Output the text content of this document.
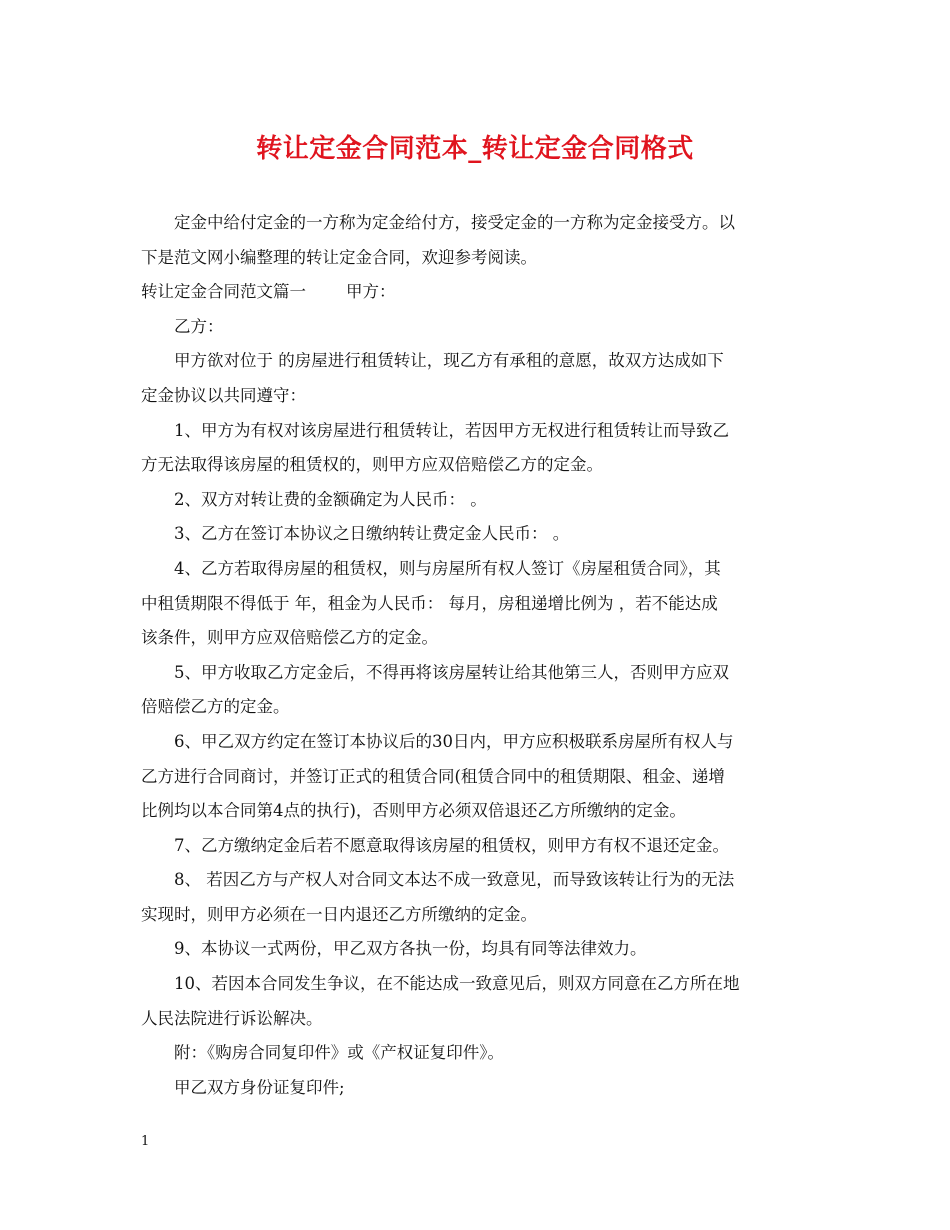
转让定金合同范本_转让定金合同格式
定金中给付定金的一方称为定金给付方，接受定金的一方称为定金接受方。以
下是范文网小编整理的转让定金合同，欢迎参考阅读。
转让定金合同范文篇一 甲方：
乙方：
甲方欲对位于 的房屋进行租赁转让，现乙方有承租的意愿，故双方达成如下
定金协议以共同遵守：
1、甲方为有权对该房屋进行租赁转让，若因甲方无权进行租赁转让而导致乙
方无法取得该房屋的租赁权的，则甲方应双倍赔偿乙方的定金。
2、双方对转让费的金额确定为人民币： 。
3、乙方在签订本协议之日缴纳转让费定金人民币： 。
4、乙方若取得房屋的租赁权，则与房屋所有权人签订《房屋租赁合同》，其
中租赁期限不得低于 年，租金为人民币： 每月，房租递增比例为 ，若不能达成
该条件，则甲方应双倍赔偿乙方的定金。
5、甲方收取乙方定金后，不得再将该房屋转让给其他第三人，否则甲方应双
倍赔偿乙方的定金。
6、甲乙双方约定在签订本协议后的30日内，甲方应积极联系房屋所有权人与
乙方进行合同商讨，并签订正式的租赁合同(租赁合同中的租赁期限、租金、递增
比例均以本合同第4点的执行)，否则甲方必须双倍退还乙方所缴纳的定金。
7、乙方缴纳定金后若不愿意取得该房屋的租赁权，则甲方有权不退还定金。
8、 若因乙方与产权人对合同文本达不成一致意见，而导致该转让行为的无法
实现时，则甲方必须在一日内退还乙方所缴纳的定金。
9、本协议一式两份，甲乙双方各执一份，均具有同等法律效力。
10、若因本合同发生争议，在不能达成一致意见后，则双方同意在乙方所在地
人民法院进行诉讼解决。
附：《购房合同复印件》或《产权证复印件》。
甲乙双方身份证复印件;
1
